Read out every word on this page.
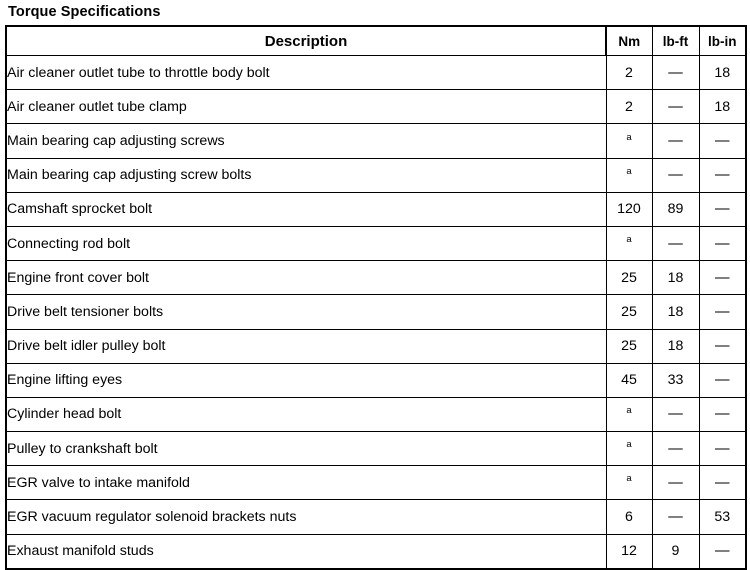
Torque Specifications
Description	Nm	lb-ft	lb-in
Air cleaner outlet tube to throttle body bolt	2	—	18
Air cleaner outlet tube clamp	2	—	18
Main bearing cap adjusting screws	$^a$	—	—
Main bearing cap adjusting screw bolts	$^a$	—	—
Camshaft sprocket bolt	120	89	—
Connecting rod bolt	$^a$	—	—
Engine front cover bolt	25	18	—
Drive belt tensioner bolts	25	18	—
Drive belt idler pulley bolt	25	18	—
Engine lifting eyes	45	33	—
Cylinder head bolt	$^a$	—	—
Pulley to crankshaft bolt	$^a$	—	—
EGR valve to intake manifold	$^a$	—	—
EGR vacuum regulator solenoid brackets nuts	6	—	53
Exhaust manifold studs	12	9	—
